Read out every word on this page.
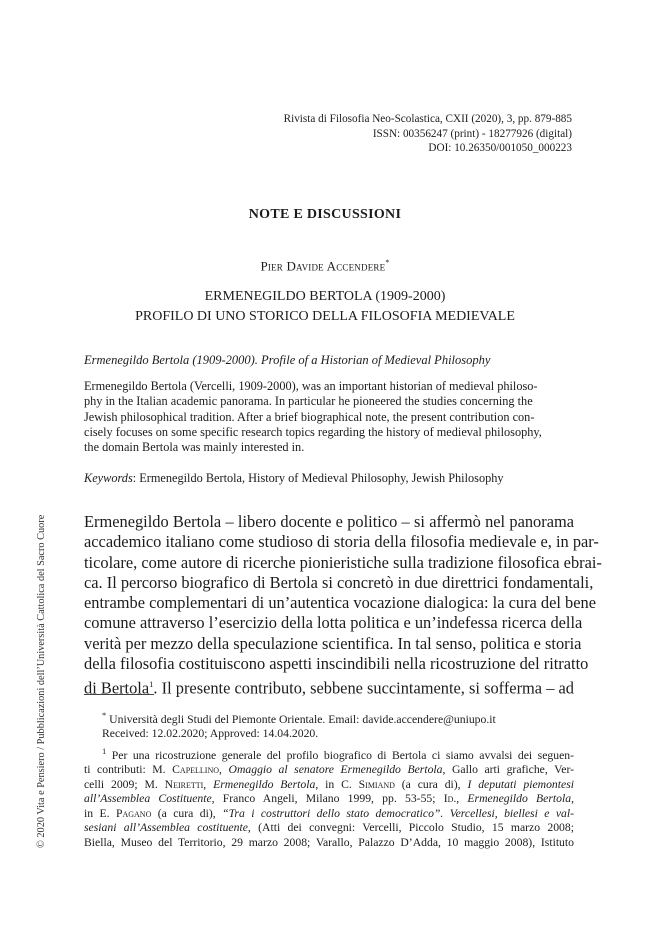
Rivista di Filosofia Neo-Scolastica, CXII (2020), 3, pp. 879-885
ISSN: 00356247 (print) - 18277926 (digital)
DOI: 10.26350/001050_000223
NOTE E DISCUSSIONI
Pier Davide Accendere*
ERMENEGILDO BERTOLA (1909-2000)
PROFILO DI UNO STORICO DELLA FILOSOFIA MEDIEVALE
Ermenegildo Bertola (1909-2000). Profile of a Historian of Medieval Philosophy
Ermenegildo Bertola (Vercelli, 1909-2000), was an important historian of medieval philoso-
phy in the Italian academic panorama. In particular he pioneered the studies concerning the
Jewish philosophical tradition. After a brief biographical note, the present contribution con-
cisely focuses on some specific research topics regarding the history of medieval philosophy,
the domain Bertola was mainly interested in.
Keywords: Ermenegildo Bertola, History of Medieval Philosophy, Jewish Philosophy
Ermenegildo Bertola – libero docente e politico – si affermò nel panorama
accademico italiano come studioso di storia della filosofia medievale e, in par-
ticolare, come autore di ricerche pionieristiche sulla tradizione filosofica ebrai-
ca. Il percorso biografico di Bertola si concretò in due direttrici fondamentali,
entrambe complementari di un’autentica vocazione dialogica: la cura del bene
comune attraverso l’esercizio della lotta politica e un’indefessa ricerca della
verità per mezzo della speculazione scientifica. In tal senso, politica e storia
della filosofia costituiscono aspetti inscindibili nella ricostruzione del ritratto
di Bertola$^1$. Il presente contributo, sebbene succintamente, si sofferma – ad
* Università degli Studi del Piemonte Orientale. Email: davide.accendere@uniupo.it
Received: 12.02.2020; Approved: 14.04.2020.
$^1$ Per una ricostruzione generale del profilo biografico di Bertola ci siamo avvalsi dei seguen-
ti contributi: M. Capellino, Omaggio al senatore Ermenegildo Bertola, Gallo arti grafiche, Ver-
celli 2009; M. Neiretti, Ermenegildo Bertola, in C. Simiand (a cura di), I deputati piemontesi
all’Assemblea Costituente, Franco Angeli, Milano 1999, pp. 53-55; Id., Ermenegildo Bertola,
in E. Pagano (a cura di), “Tra i costruttori dello stato democratico”. Vercellesi, biellesi e val-
sesiani all’Assemblea costituente, (Atti dei convegni: Vercelli, Piccolo Studio, 15 marzo 2008;
Biella, Museo del Territorio, 29 marzo 2008; Varallo, Palazzo D’Adda, 10 maggio 2008), Istituto
© 2020 Vita e Pensiero / Pubblicazioni dell’Università Cattolica del Sacro Cuore
